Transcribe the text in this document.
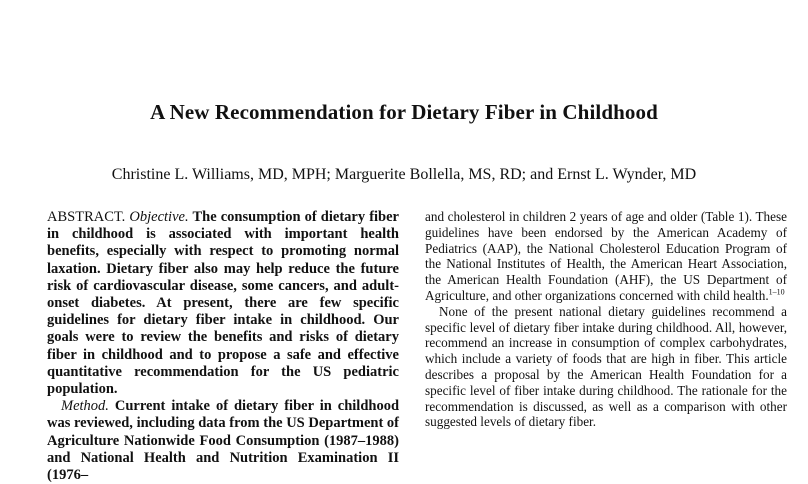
A New Recommendation for Dietary Fiber in Childhood

Christine L. Williams, MD, MPH; Marguerite Bollella, MS, RD; and Ernst L. Wynder, MD

ABSTRACT. Objective. The consumption of dietary fiber in childhood is associated with important health benefits, especially with respect to promoting normal laxation. Dietary fiber also may help reduce the future risk of cardiovascular disease, some cancers, and adult-onset diabetes. At present, there are few specific guidelines for dietary fiber intake in childhood. Our goals were to review the benefits and risks of dietary fiber in childhood and to propose a safe and effective quantitative recommendation for the US pediatric population.

Method. Current intake of dietary fiber in childhood was reviewed, including data from the US Department of Agriculture Nationwide Food Consumption (1987–1988) and National Health and Nutrition Examination II (1976–

and cholesterol in children 2 years of age and older (Table 1). These guidelines have been endorsed by the American Academy of Pediatrics (AAP), the National Cholesterol Education Program of the National Institutes of Health, the American Heart Association, the American Health Foundation (AHF), the US Department of Agriculture, and other organizations concerned with child health.$^{1-10}$

None of the present national dietary guidelines recommend a specific level of dietary fiber intake during childhood. All, however, recommend an increase in consumption of complex carbohydrates, which include a variety of foods that are high in fiber. This article describes a proposal by the American Health Foundation for a specific level of fiber intake during childhood. The rationale for the recommendation is discussed, as well as a comparison with other suggested levels of dietary fiber.
